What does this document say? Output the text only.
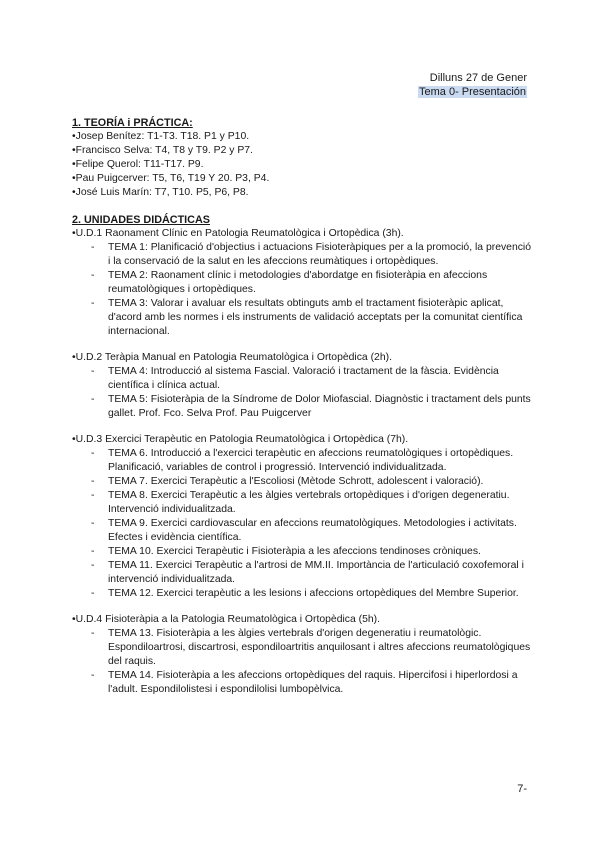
Dilluns 27 de Gener
Tema 0- Presentación

1. TEORÍA i PRÁCTICA:

• Josep Benítez: T1-T3. T18. P1 y P10.
• Francisco Selva: T4, T8 y T9. P2 y P7.
• Felipe Querol: T11-T17. P9.
• Pau Puigcerver: T5, T6, T19 Y 20. P3, P4.
• José Luis Marín: T7, T10. P5, P6, P8.

2. UNIDADES DIDÁCTICAS

• U.D.1 Raonament Clínic en Patologia Reumatològica i Ortopèdica (3h).
- TEMA 1: Planificació d'objectius i actuacions Fisioteràpiques per a la promoció, la prevenció i la conservació de la salut en les afeccions reumàtiques i ortopèdiques.
- TEMA 2: Raonament clínic i metodologies d'abordatge en fisioteràpia en afeccions reumatològiques i ortopèdiques.
- TEMA 3: Valorar i avaluar els resultats obtinguts amb el tractament fisioteràpic aplicat, d'acord amb les normes i els instruments de validació acceptats per la comunitat científica internacional.
• U.D.2 Teràpia Manual en Patologia Reumatològica i Ortopèdica (2h).
- TEMA 4: Introducció al sistema Fascial. Valoració i tractament de la fàscia. Evidència científica i clínica actual.
- TEMA 5: Fisioteràpia de la Síndrome de Dolor Miofascial. Diagnòstic i tractament dels punts gallet. Prof. Fco. Selva Prof. Pau Puigcerver
• U.D.3 Exercici Terapèutic en Patologia Reumatològica i Ortopèdica (7h).
- TEMA 6. Introducció a l'exercici terapèutic en afeccions reumatològiques i ortopèdiques. Planificació, variables de control i progressió. Intervenció individualitzada.
- TEMA 7. Exercici Terapèutic a l'Escoliosi (Mètode Schrott, adolescent i valoració).
- TEMA 8. Exercici Terapèutic a les àlgies vertebrals ortopèdiques i d'origen degeneratiu. Intervenció individualitzada.
- TEMA 9. Exercici cardiovascular en afeccions reumatològiques. Metodologies i activitats. Efectes i evidència científica.
- TEMA 10. Exercici Terapèutic i Fisioteràpia a les afeccions tendinoses cròniques.
- TEMA 11. Exercici Terapèutic a l'artrosi de MM.II. Importància de l'articulació coxofemoral i intervenció individualitzada.
- TEMA 12. Exercici terapèutic a les lesions i afeccions ortopèdiques del Membre Superior.
• U.D.4 Fisioteràpia a la Patologia Reumatològica i Ortopèdica (5h).
- TEMA 13. Fisioteràpia a les àlgies vertebrals d'origen degeneratiu i reumatològic. Espondiloartrosi, discartrosi, espondiloartritis anquilosant i altres afeccions reumatològiques del raquis.
- TEMA 14. Fisioteràpia a les afeccions ortopèdiques del raquis. Hipercifosi i hiperlordosi a l'adult. Espondilolistesi i espondilolisi lumbopèlvica.
7-
